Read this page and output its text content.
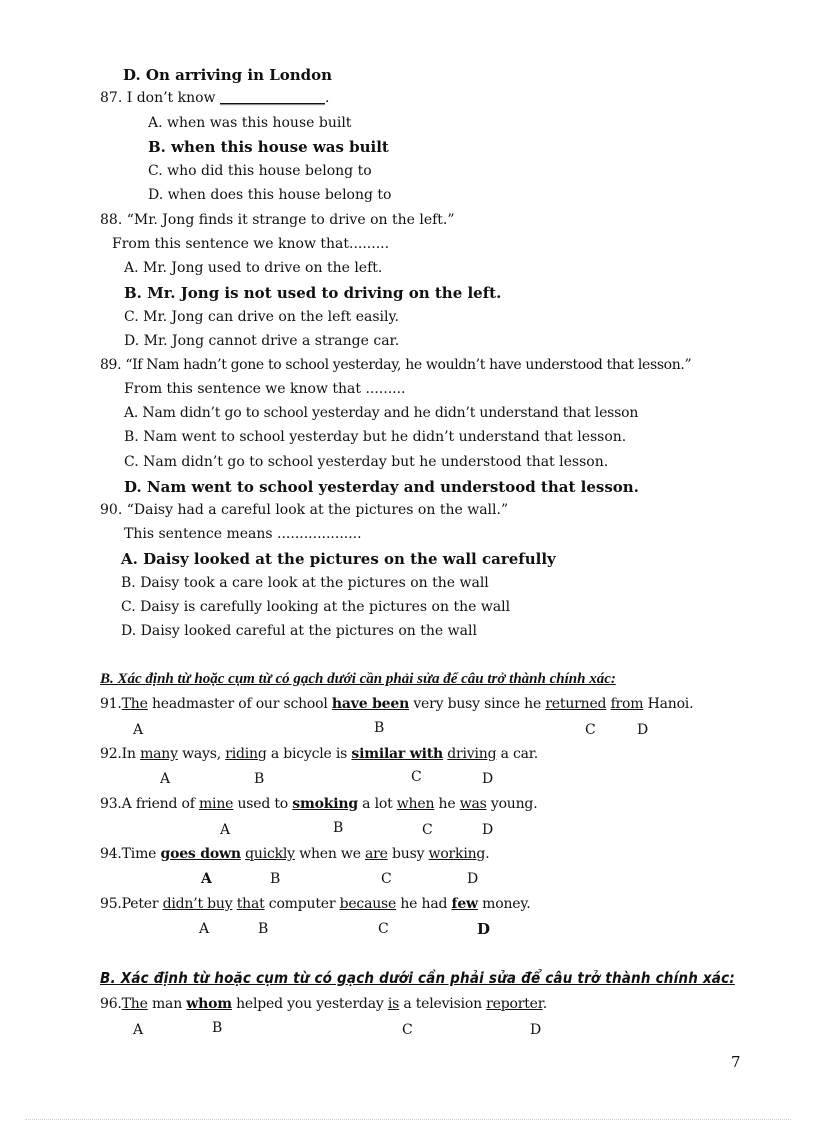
D. On arriving in London
87. I don’t know _______________.
A. when was this house built
B. when this house was built
C. who did this house belong to
D. when does this house belong to
88. “Mr. Jong finds it strange to drive on the left.”
From this sentence we know that.........
A. Mr. Jong used to drive on the left.
B. Mr. Jong is not used to driving on the left.
C. Mr. Jong can drive on the left easily.
D. Mr. Jong cannot drive a strange car.
89. “If Nam hadn’t gone to school yesterday, he wouldn’t have understood that lesson.”
From this sentence we know that .........
A. Nam didn’t go to school yesterday and he didn’t understand that lesson
B. Nam went to school yesterday but he didn’t understand that lesson.
C. Nam didn’t go to school yesterday but he understood that lesson.
D. Nam went to school yesterday and understood that lesson.
90. “Daisy had a careful look at the pictures on the wall.”
This sentence means ...................
A. Daisy looked at the pictures on the wall carefully
B. Daisy took a care look at the pictures on the wall
C. Daisy is carefully looking at the pictures on the wall
D. Daisy looked careful at the pictures on the wall
B. Xác định từ hoặc cụm từ có gạch dưới cần phải sửa để câu trở thành chính xác:
91.The headmaster of our school have been very busy since he returned from Hanoi.
A	B	C	D
92.In many ways, riding a bicycle is similar with driving a car.
A	B	C	D
93.A friend of mine used to smoking a lot when he was young.
A	B	C	D
94.Time goes down quickly when we are busy working.
A	B	C	D
95.Peter didn’t buy that computer because he had few money.
A	B	C	D
B. Xác định từ hoặc cụm từ có gạch dưới cần phải sửa để câu trở thành chính xác:
96.The man whom helped you yesterday is a television reporter.
A	B	C	D
7
